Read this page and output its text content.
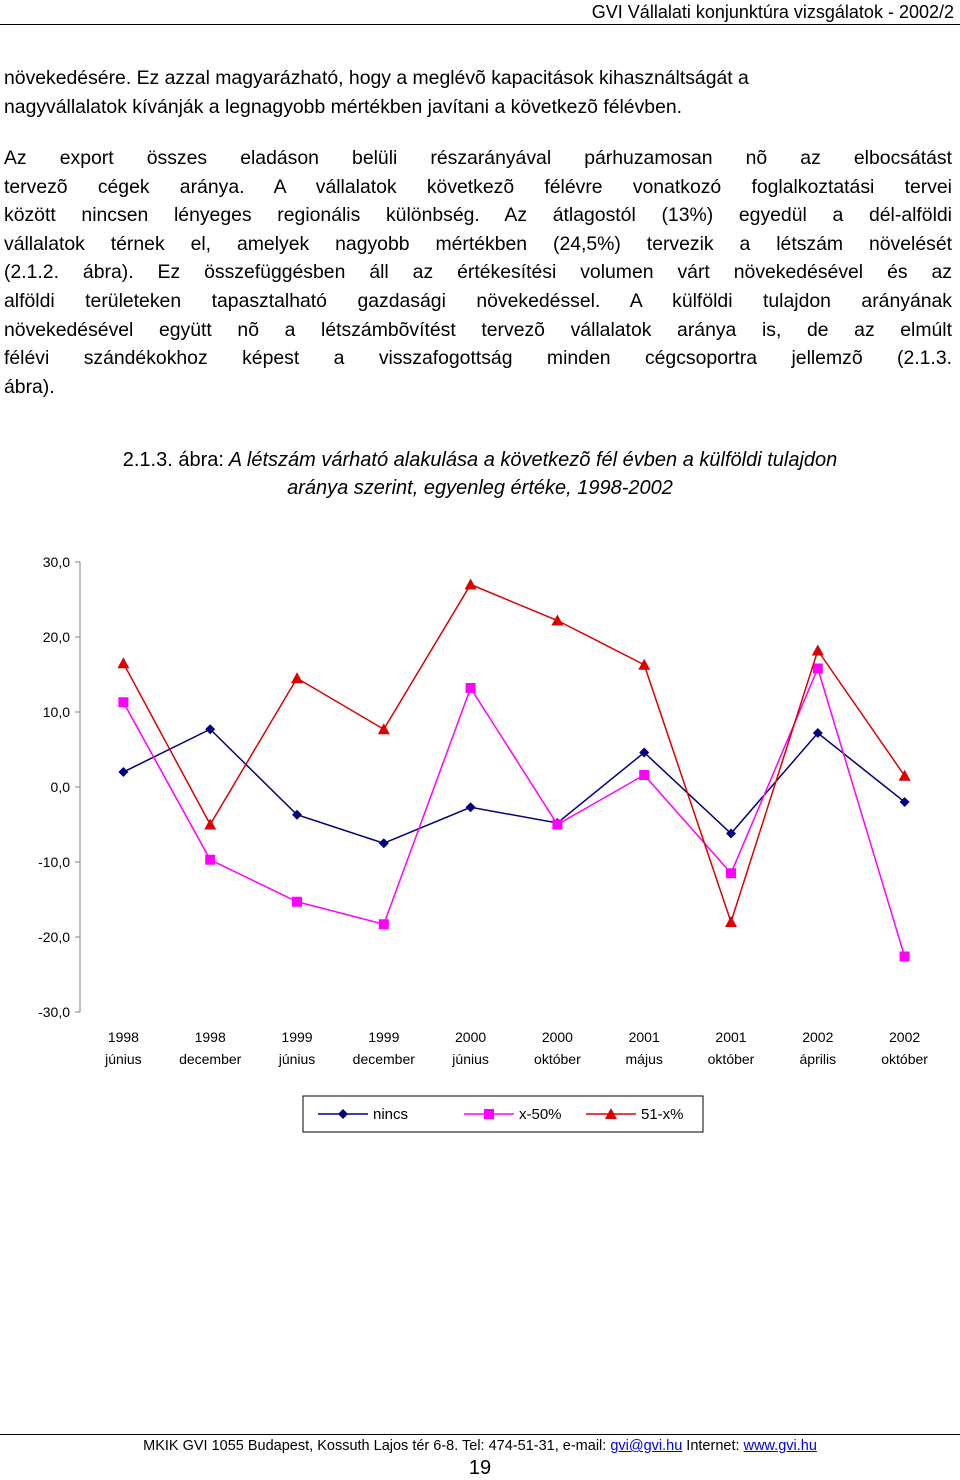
GVI Vállalati konjunktúra vizsgálatok - 2002/2
növekedésére. Ez azzal magyarázható, hogy a meglévõ kapacitások kihasználtságát a
nagyvállalatok kívánják a legnagyobb mértékben javítani a következõ félévben.
Az export összes eladáson belüli részarányával párhuzamosan nõ az elbocsátást
tervezõ cégek aránya. A vállalatok következõ félévre vonatkozó foglalkoztatási tervei
között nincsen lényeges regionális különbség. Az átlagostól (13%) egyedül a dél-alföldi
vállalatok térnek el, amelyek nagyobb mértékben (24,5%) tervezik a létszám növelését
(2.1.2. ábra). Ez összefüggésben áll az értékesítési volumen várt növekedésével és az
alföldi területeken tapasztalható gazdasági növekedéssel. A külföldi tulajdon arányának
növekedésével együtt nõ a létszámbõvítést tervezõ vállalatok aránya is, de az elmúlt
félévi szándékokhoz képest a visszafogottság minden cégcsoportra jellemzõ (2.1.3.
ábra).
2.1.3. ábra: A létszám várható alakulása a következõ fél évben a külföldi tulajdon
aránya szerint, egyenleg értéke, 1998-2002
30,0
20,0
10,0
0,0
-10,0
-20,0
-30,0
1998
június
1998
december
1999
június
1999
december
2000
június
2000
október
2001
május
2001
október
2002
április
2002
október
nincs	x-50%	51-x%
MKIK GVI 1055 Budapest, Kossuth Lajos tér 6-8. Tel: 474-51-31, e-mail: gvi@gvi.hu Internet: www.gvi.hu
19
